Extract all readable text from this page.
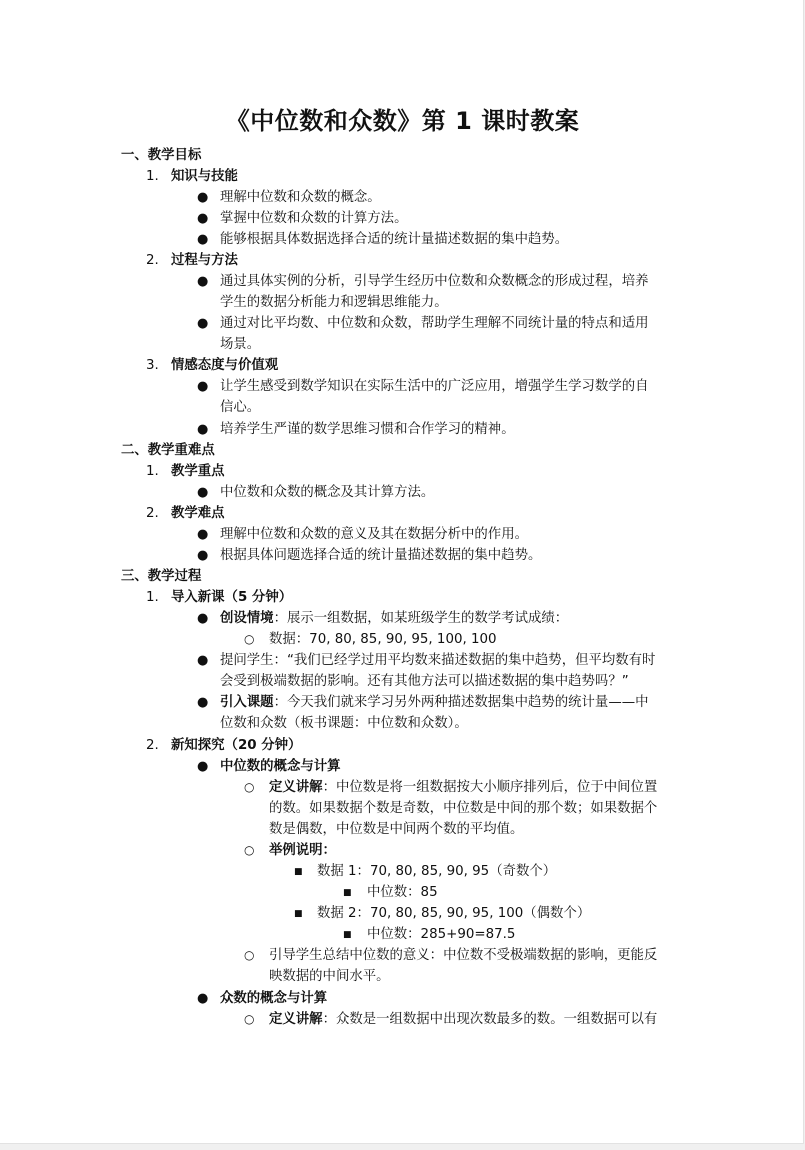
《中位数和众数》第 1 课时教案
一、教学目标
1. 知识与技能
● 理解中位数和众数的概念。
● 掌握中位数和众数的计算方法。
● 能够根据具体数据选择合适的统计量描述数据的集中趋势。
2. 过程与方法
● 通过具体实例的分析，引导学生经历中位数和众数概念的形成过程，培养
学生的数据分析能力和逻辑思维能力。
● 通过对比平均数、中位数和众数，帮助学生理解不同统计量的特点和适用
场景。
3. 情感态度与价值观
● 让学生感受到数学知识在实际生活中的广泛应用，增强学生学习数学的自
信心。
● 培养学生严谨的数学思维习惯和合作学习的精神。
二、教学重难点
1. 教学重点
● 中位数和众数的概念及其计算方法。
2. 教学难点
● 理解中位数和众数的意义及其在数据分析中的作用。
● 根据具体问题选择合适的统计量描述数据的集中趋势。
三、教学过程
1. 导入新课（5 分钟）
● 创设情境：展示一组数据，如某班级学生的数学考试成绩：
○ 数据：70, 80, 85, 90, 95, 100, 100
● 提问学生：“我们已经学过用平均数来描述数据的集中趋势，但平均数有时
会受到极端数据的影响。还有其他方法可以描述数据的集中趋势吗？”
● 引入课题：今天我们就来学习另外两种描述数据集中趋势的统计量——中
位数和众数（板书课题：中位数和众数）。
2. 新知探究（20 分钟）
● 中位数的概念与计算
○ 定义讲解：中位数是将一组数据按大小顺序排列后，位于中间位置
的数。如果数据个数是奇数，中位数是中间的那个数；如果数据个
数是偶数，中位数是中间两个数的平均值。
○ 举例说明：
■ 数据 1：70, 80, 85, 90, 95（奇数个）
■ 中位数：85
■ 数据 2：70, 80, 85, 90, 95, 100（偶数个）
■ 中位数：285+90=87.5
○ 引导学生总结中位数的意义：中位数不受极端数据的影响，更能反
映数据的中间水平。
● 众数的概念与计算
○ 定义讲解：众数是一组数据中出现次数最多的数。一组数据可以有
